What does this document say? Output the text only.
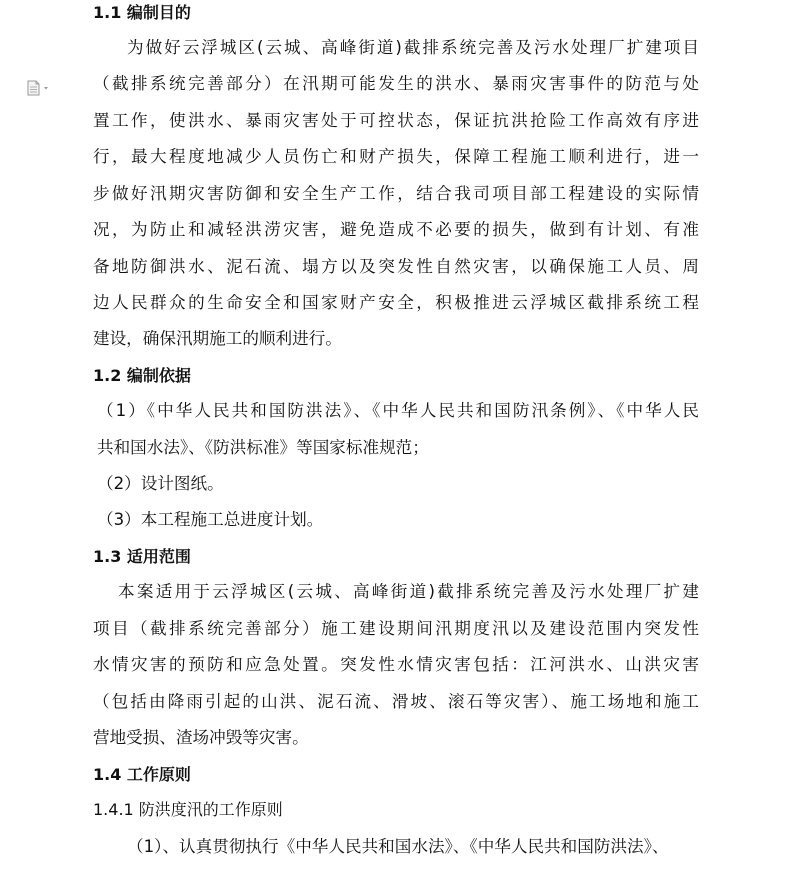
1.1 编制目的
为做好云浮城区(云城、高峰街道)截排系统完善及污水处理厂扩建项目
（截排系统完善部分）在汛期可能发生的洪水、暴雨灾害事件的防范与处
置工作，使洪水、暴雨灾害处于可控状态，保证抗洪抢险工作高效有序进
行，最大程度地减少人员伤亡和财产损失，保障工程施工顺利进行，进一
步做好汛期灾害防御和安全生产工作，结合我司项目部工程建设的实际情
况，为防止和减轻洪涝灾害，避免造成不必要的损失，做到有计划、有准
备地防御洪水、泥石流、塌方以及突发性自然灾害，以确保施工人员、周
边人民群众的生命安全和国家财产安全，积极推进云浮城区截排系统工程
建设，确保汛期施工的顺利进行。
1.2 编制依据
（1）《中华人民共和国防洪法》、《中华人民共和国防汛条例》、《中华人民
共和国水法》、《防洪标准》等国家标准规范；
（2）设计图纸。
（3）本工程施工总进度计划。
1.3 适用范围
本案适用于云浮城区(云城、高峰街道)截排系统完善及污水处理厂扩建
项目（截排系统完善部分）施工建设期间汛期度汛以及建设范围内突发性
水情灾害的预防和应急处置。突发性水情灾害包括：江河洪水、山洪灾害
（包括由降雨引起的山洪、泥石流、滑坡、滚石等灾害）、施工场地和施工
营地受损、渣场冲毁等灾害。
1.4 工作原则
1.4.1 防洪度汛的工作原则
（1）、认真贯彻执行《中华人民共和国水法》、《中华人民共和国防洪法》、
